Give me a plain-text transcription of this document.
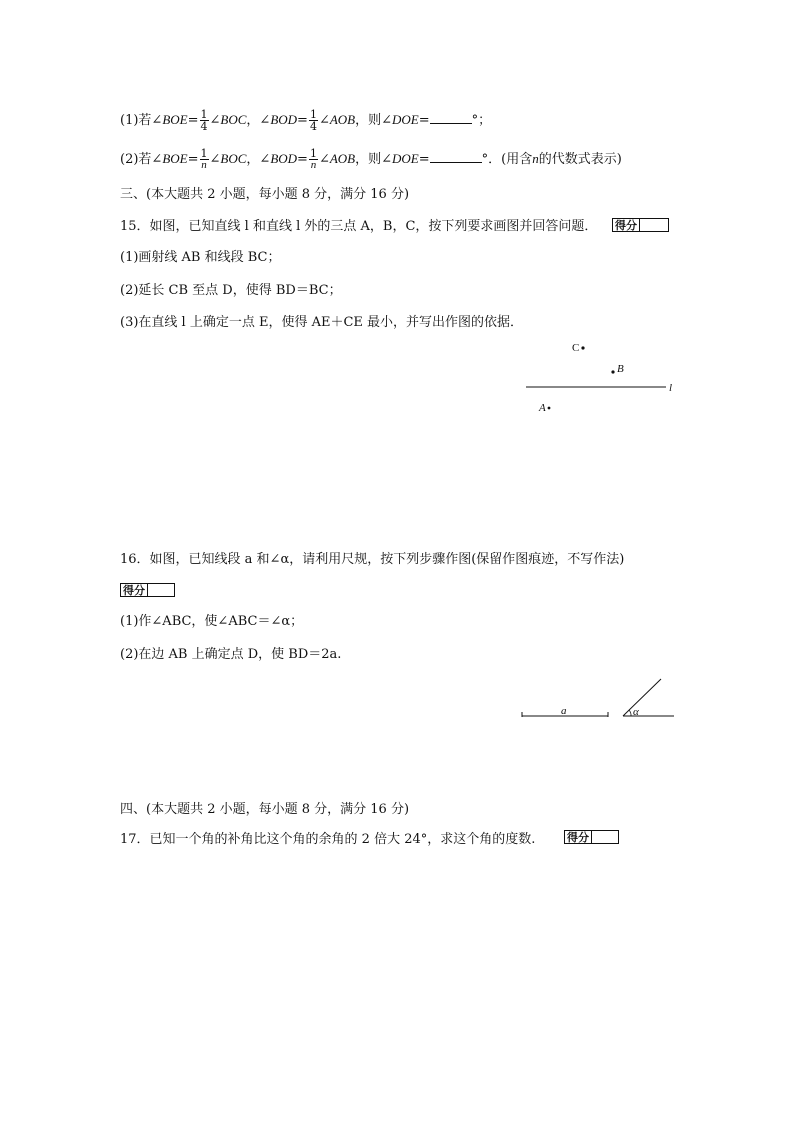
(1)若∠BOE= $\frac{1}{4}$ ∠BOC，∠BOD= $\frac{1}{4}$ ∠AOB，则∠DOE=	°；
(2)若∠BOE= $\frac{1}{n}$ ∠BOC，∠BOD= $\frac{1}{n}$ ∠AOB，则∠DOE=	°．(用含n的代数式表示)
三、(本大题共 2 小题，每小题 8 分，满分 16 分)
15．如图，已知直线 l 和直线 l 外的三点 A，B，C，按下列要求画图并回答问题． 得分
(1)画射线 AB 和线段 BC；
(2)延长 CB 至点 D，使得 BD＝BC；
(3)在直线 l 上确定一点 E，使得 AE＋CE 最小，并写出作图的依据．
16．如图，已知线段 a 和∠α，请利用尺规，按下列步骤作图(保留作图痕迹，不写作法)
得分
(1)作∠ABC，使∠ABC＝∠α；
(2)在边 AB 上确定点 D，使 BD＝2a.
四、(本大题共 2 小题，每小题 8 分，满分 16 分)
17．已知一个角的补角比这个角的余角的 2 倍大 24°，求这个角的度数.	得分
C
B
l
A
a	α
